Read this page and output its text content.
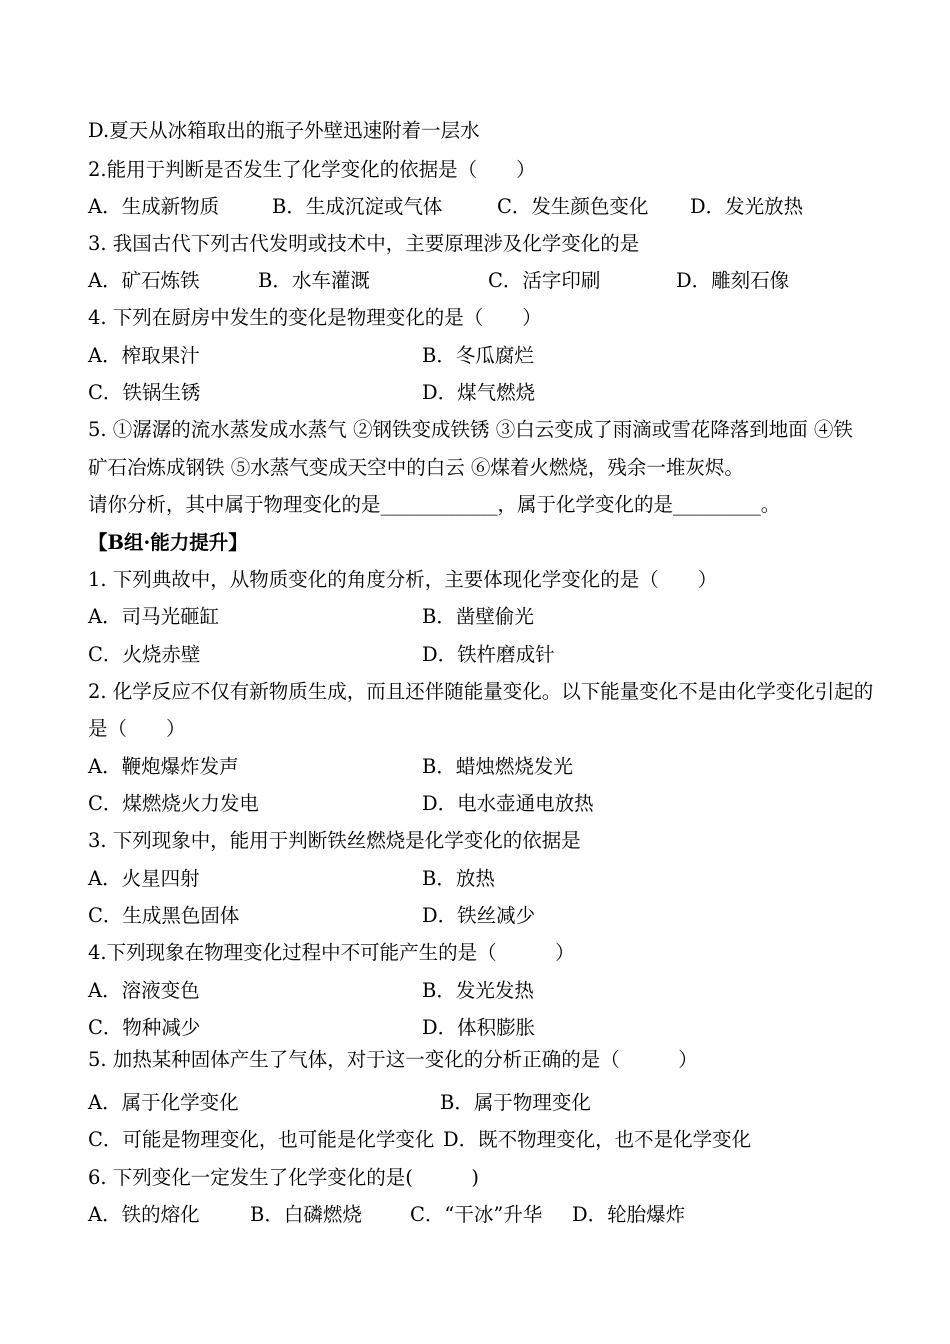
D.夏天从冰箱取出的瓶子外壁迅速附着一层水
2.能用于判断是否发生了化学变化的依据是（　　）
A．生成新物质	B．生成沉淀或气体	C．发生颜色变化 D．发光放热
3. 我国古代下列古代发明或技术中，主要原理涉及化学变化的是
A．矿石炼铁	B．水车灌溉	C．活字印刷	D．雕刻石像
4. 下列在厨房中发生的变化是物理变化的是（　　）
A．榨取果汁	B．冬瓜腐烂
C．铁锅生锈	D．煤气燃烧
5. ①潺潺的流水蒸发成水蒸气 ②钢铁变成铁锈 ③白云变成了雨滴或雪花降落到地面 ④铁
矿石冶炼成钢铁 ⑤水蒸气变成天空中的白云 ⑥煤着火燃烧，残余一堆灰烬。
请你分析，其中属于物理变化的是____________，属于化学变化的是_________。
【B组·能力提升】
1. 下列典故中，从物质变化的角度分析，主要体现化学变化的是（　　）
A．司马光砸缸	B．凿壁偷光
C．火烧赤壁	D．铁杵磨成针
2. 化学反应不仅有新物质生成，而且还伴随能量变化。以下能量变化不是由化学变化引起的
是（　　）
A．鞭炮爆炸发声	B．蜡烛燃烧发光
C．煤燃烧火力发电	D．电水壶通电放热
3. 下列现象中，能用于判断铁丝燃烧是化学变化的依据是
A．火星四射	B．放热
C．生成黑色固体	D．铁丝减少
4.下列现象在物理变化过程中不可能产生的是（　　　）
A．溶液变色	B．发光发热
C．物种减少	D．体积膨胀
5. 加热某种固体产生了气体，对于这一变化的分析正确的是（　　　）
A．属于化学变化	B．属于物理变化
C．可能是物理变化，也可能是化学变化 D．既不物理变化，也不是化学变化
6. 下列变化一定发生了化学变化的是(　　　)
A．铁的熔化	B．白磷燃烧 C．“干冰”升华 D．轮胎爆炸
